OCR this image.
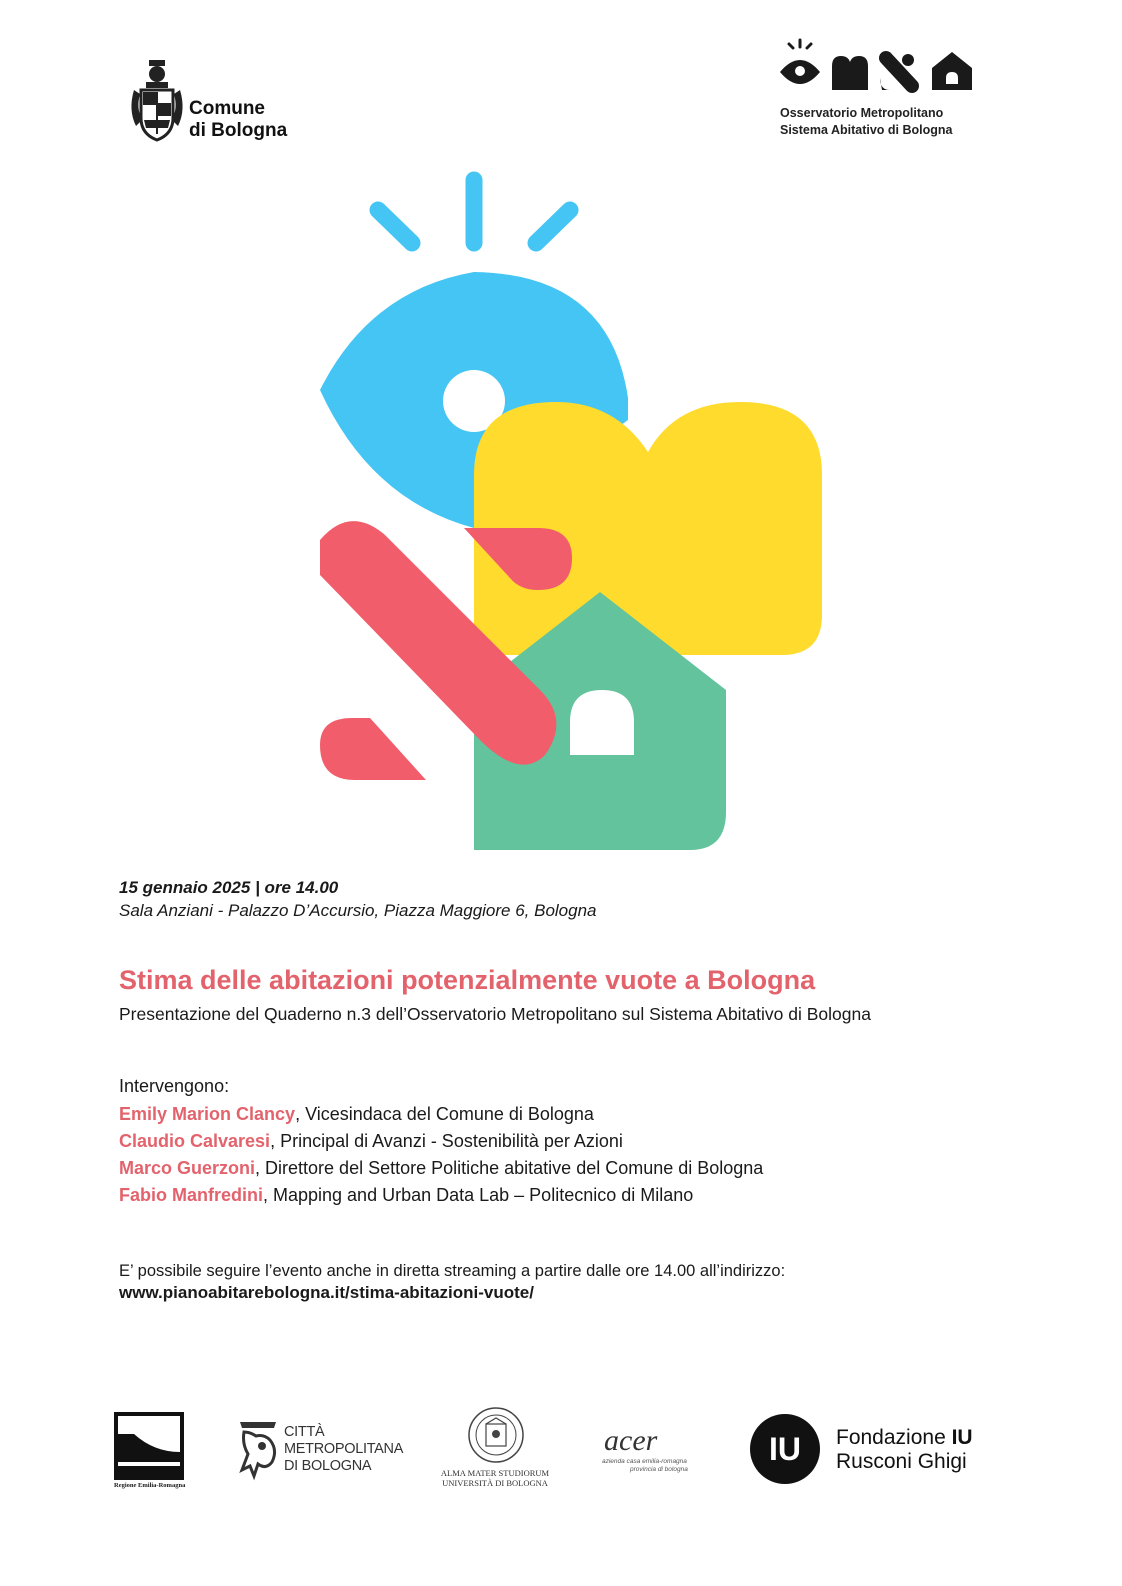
Comune
di Bologna
Osservatorio Metropolitano
Sistema Abitativo di Bologna
15 gennaio 2025 | ore 14.00
Sala Anziani - Palazzo D’Accursio, Piazza Maggiore 6, Bologna
Stima delle abitazioni potenzialmente vuote a Bologna
Presentazione del Quaderno n.3 dell’Osservatorio Metropolitano sul Sistema Abitativo di Bologna
Intervengono:
Emily Marion Clancy, Vicesindaca del Comune di Bologna
Claudio Calvaresi, Principal di Avanzi - Sostenibilità per Azioni
Marco Guerzoni, Direttore del Settore Politiche abitative del Comune di Bologna
Fabio Manfredini, Mapping and Urban Data Lab – Politecnico di Milano
E’ possibile seguire l’evento anche in diretta streaming a partire dalle ore 14.00 all’indirizzo:
www.pianoabitarebologna.it/stima-abitazioni-vuote/
Regione Emilia-Romagna
CITTÀ
METROPOLITANA
DI BOLOGNA	ALMA MATER STUDIORUM
UNIVERSITÀ DI BOLOGNA
acer
azienda casa emilia-romagna
provincia di bologna
IU	Fondazione IU
Rusconi Ghigi
